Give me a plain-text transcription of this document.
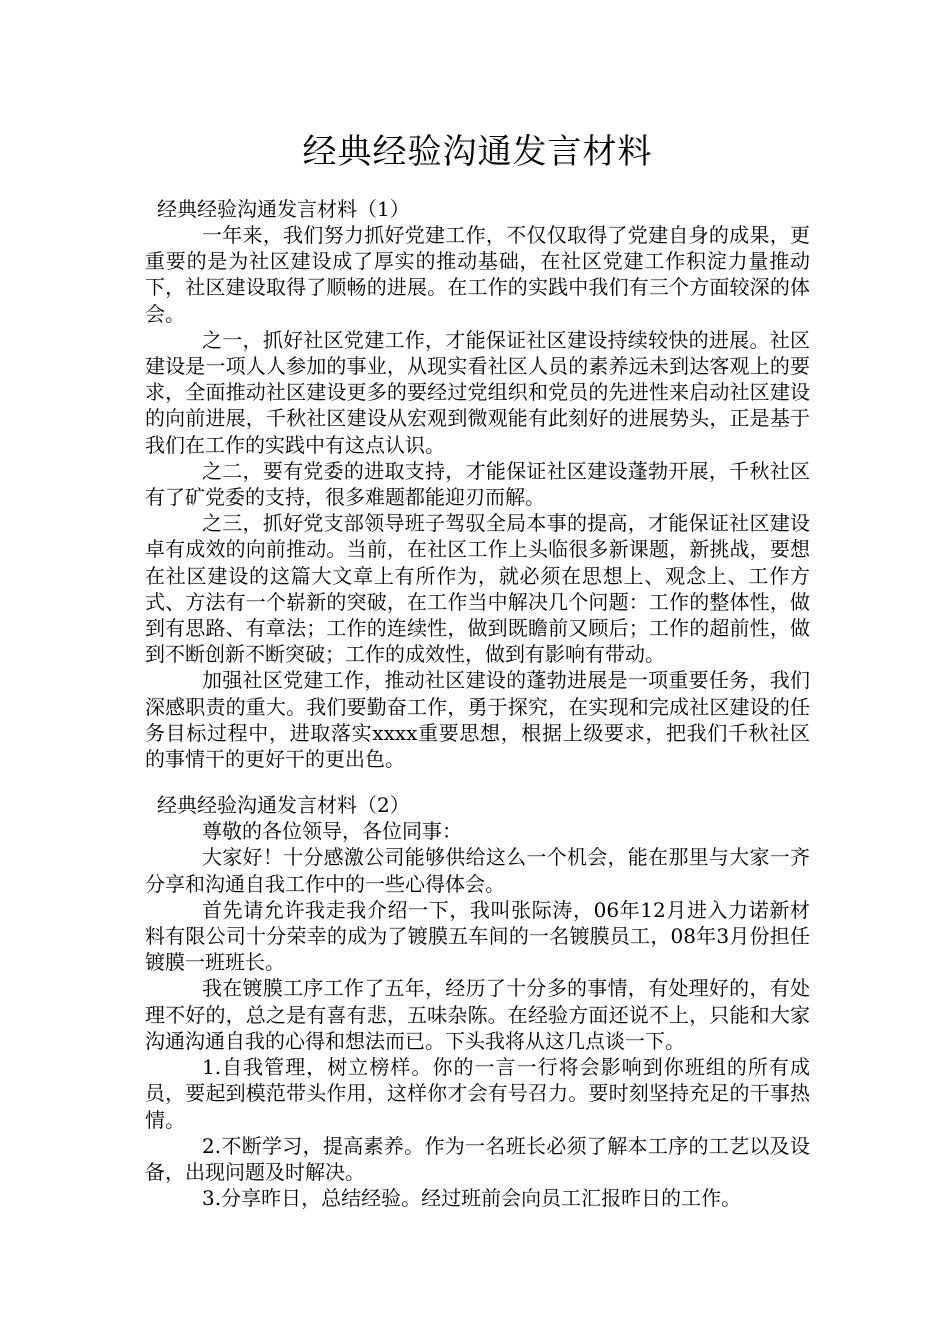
经典经验沟通发言材料
经典经验沟通发言材料（1）

一年来，我们努力抓好党建工作，不仅仅取得了党建自身的成果，更重要的是为社区建设成了厚实的推动基础，在社区党建工作积淀力量推动下，社区建设取得了顺畅的进展。在工作的实践中我们有三个方面较深的体会。

之一，抓好社区党建工作，才能保证社区建设持续较快的进展。社区建设是一项人人参加的事业，从现实看社区人员的素养远未到达客观上的要求，全面推动社区建设更多的要经过党组织和党员的先进性来启动社区建设的向前进展，千秋社区建设从宏观到微观能有此刻好的进展势头，正是基于我们在工作的实践中有这点认识。

之二，要有党委的进取支持，才能保证社区建设蓬勃开展，千秋社区有了矿党委的支持，很多难题都能迎刃而解。

之三，抓好党支部领导班子驾驭全局本事的提高，才能保证社区建设卓有成效的向前推动。当前，在社区工作上头临很多新课题，新挑战，要想在社区建设的这篇大文章上有所作为，就必须在思想上、观念上、工作方式、方法有一个崭新的突破，在工作当中解决几个问题：工作的整体性，做到有思路、有章法；工作的连续性，做到既瞻前又顾后；工作的超前性，做到不断创新不断突破；工作的成效性，做到有影响有带动。

加强社区党建工作，推动社区建设的蓬勃进展是一项重要任务，我们深感职责的重大。我们要勤奋工作，勇于探究，在实现和完成社区建设的任务目标过程中，进取落实xxxx重要思想，根据上级要求，把我们千秋社区的事情干的更好干的更出色。

经典经验沟通发言材料（2）

尊敬的各位领导，各位同事：

大家好！十分感激公司能够供给这么一个机会，能在那里与大家一齐分享和沟通自我工作中的一些心得体会。

首先请允许我走我介绍一下，我叫张际涛，06年12月进入力诺新材料有限公司十分荣幸的成为了镀膜五车间的一名镀膜员工，08年3月份担任镀膜一班班长。

我在镀膜工序工作了五年，经历了十分多的事情，有处理好的，有处理不好的，总之是有喜有悲，五味杂陈。在经验方面还说不上，只能和大家沟通沟通自我的心得和想法而已。下头我将从这几点谈一下。

1.自我管理，树立榜样。你的一言一行将会影响到你班组的所有成员，要起到模范带头作用，这样你才会有号召力。要时刻坚持充足的干事热情。

2.不断学习，提高素养。作为一名班长必须了解本工序的工艺以及设备，出现问题及时解决。

3.分享昨日，总结经验。经过班前会向员工汇报昨日的工作。
